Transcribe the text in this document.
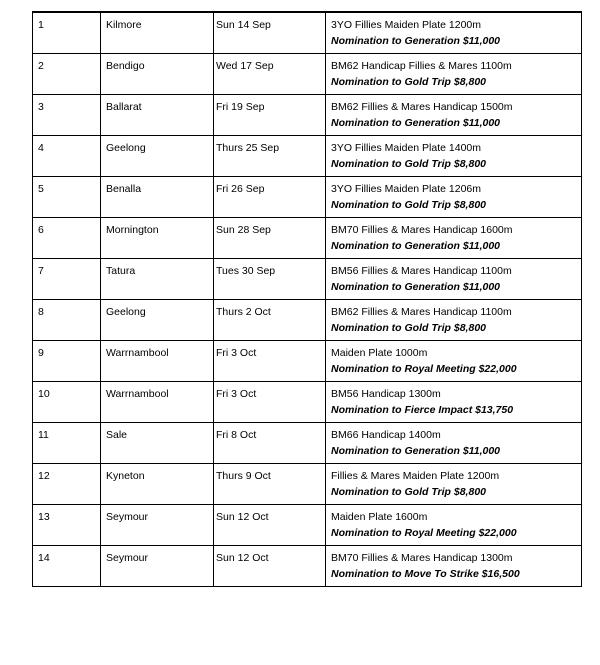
1	Kilmore	Sun 14 Sep	3YO Fillies Maiden Plate 1200m
Nomination to Generation $11,000

2	Bendigo	Wed 17 Sep	BM62 Handicap Fillies & Mares 1100m
Nomination to Gold Trip $8,800

3	Ballarat	Fri 19 Sep	BM62 Fillies & Mares Handicap 1500m
Nomination to Generation $11,000

4	Geelong	Thurs 25 Sep	3YO Fillies Maiden Plate 1400m
Nomination to Gold Trip $8,800

5	Benalla	Fri 26 Sep	3YO Fillies Maiden Plate 1206m
Nomination to Gold Trip $8,800

6	Mornington	Sun 28 Sep	BM70 Fillies & Mares Handicap 1600m
Nomination to Generation $11,000

7	Tatura	Tues 30 Sep	BM56 Fillies & Mares Handicap 1100m
Nomination to Generation $11,000

8	Geelong	Thurs 2 Oct	BM62 Fillies & Mares Handicap 1100m
Nomination to Gold Trip $8,800

9	Warrnambool	Fri 3 Oct	Maiden Plate 1000m
Nomination to Royal Meeting $22,000

10	Warrnambool	Fri 3 Oct	BM56 Handicap 1300m
Nomination to Fierce Impact $13,750

11	Sale	Fri 8 Oct	BM66 Handicap 1400m
Nomination to Generation $11,000

12	Kyneton	Thurs 9 Oct	Fillies & Mares Maiden Plate 1200m
Nomination to Gold Trip $8,800

13	Seymour	Sun 12 Oct	Maiden Plate 1600m
Nomination to Royal Meeting $22,000

14	Seymour	Sun 12 Oct	BM70 Fillies & Mares Handicap 1300m
Nomination to Move To Strike $16,500
